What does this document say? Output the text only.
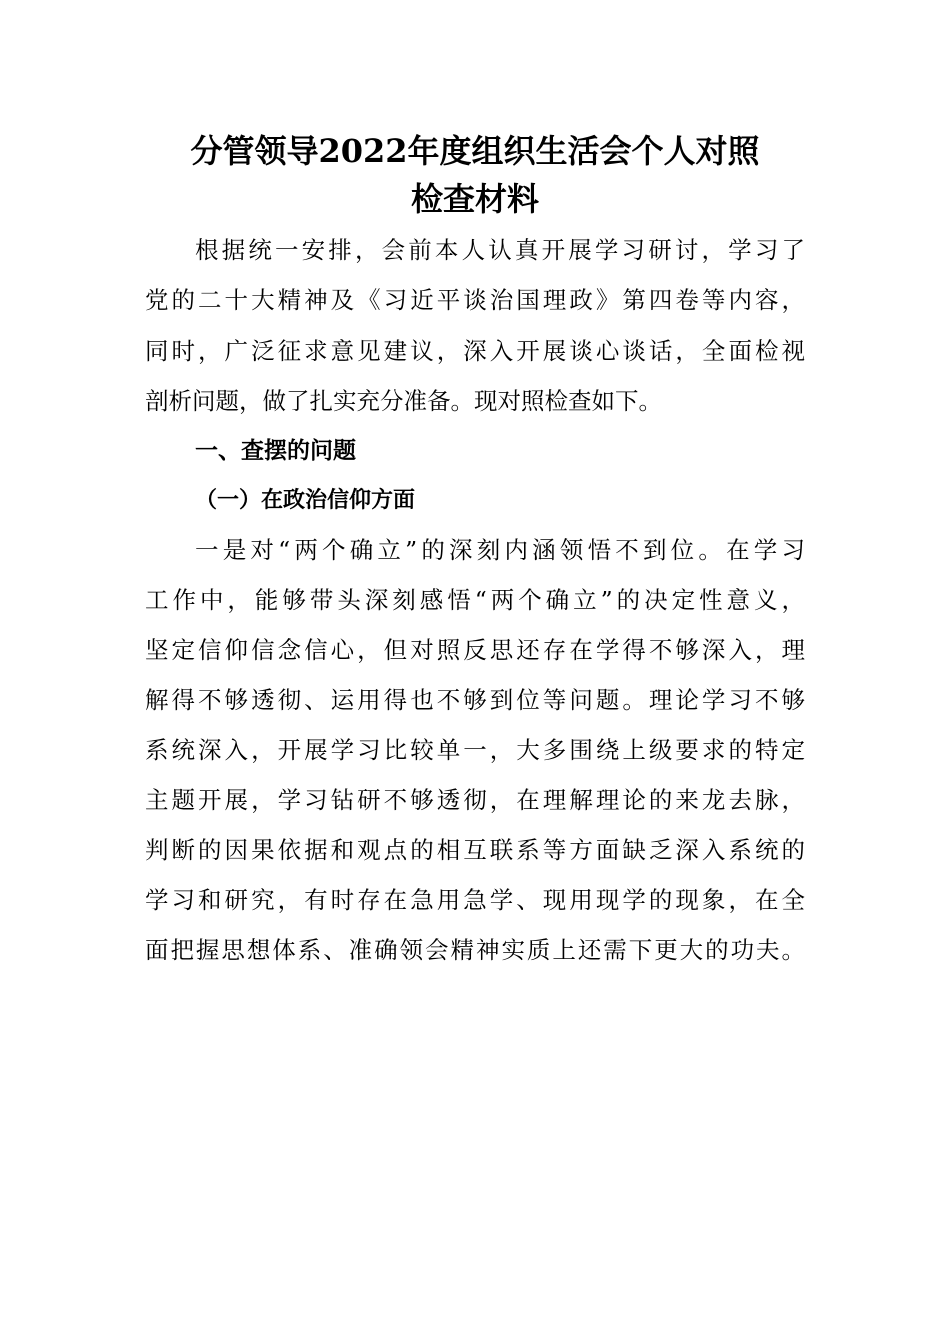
分管领导2022年度组织生活会个人对照
检查材料
根据统一安排，会前本人认真开展学习研讨，学习了
党的二十大精神及《习近平谈治国理政》第四卷等内容，
同时，广泛征求意见建议，深入开展谈心谈话，全面检视
剖析问题，做了扎实充分准备。现对照检查如下。
一、查摆的问题
（一）在政治信仰方面
一是对“两个确立”的深刻内涵领悟不到位。在学习
工作中，能够带头深刻感悟“两个确立”的决定性意义，
坚定信仰信念信心，但对照反思还存在学得不够深入，理
解得不够透彻、运用得也不够到位等问题。理论学习不够
系统深入，开展学习比较单一，大多围绕上级要求的特定
主题开展，学习钻研不够透彻，在理解理论的来龙去脉，
判断的因果依据和观点的相互联系等方面缺乏深入系统的
学习和研究，有时存在急用急学、现用现学的现象，在全
面把握思想体系、准确领会精神实质上还需下更大的功夫。
